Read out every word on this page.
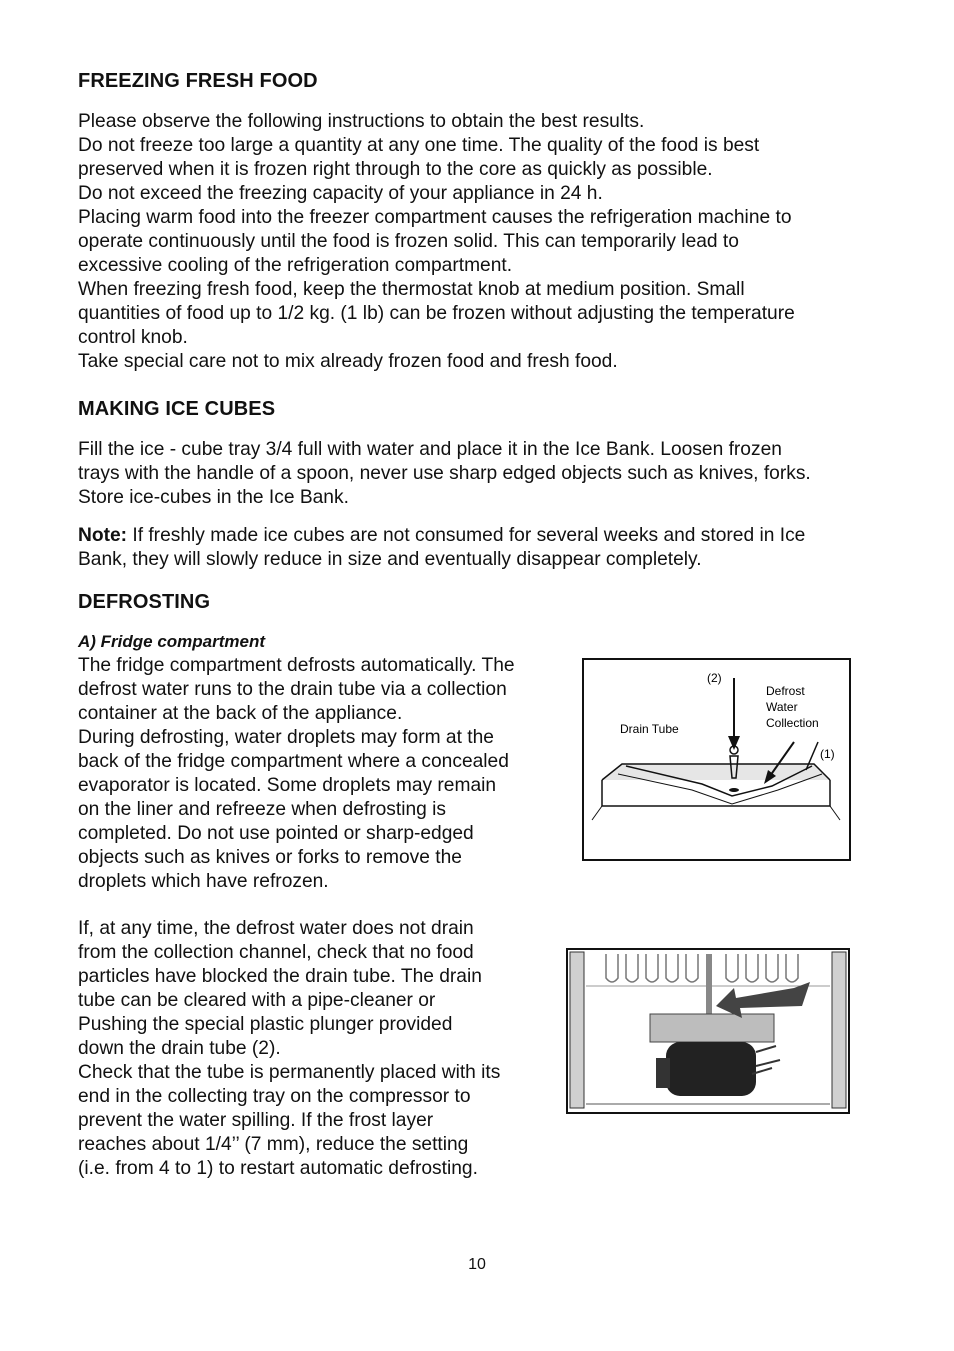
FREEZING FRESH FOOD
Please observe the following instructions to obtain the best results.
Do not freeze too large a quantity at any one time. The quality of the food is best
preserved when it is frozen right through to the core as quickly as possible.
Do not exceed the freezing capacity of your appliance in 24 h.
Placing warm food into the freezer compartment causes the refrigeration machine to
operate continuously until the food is frozen solid. This can temporarily lead to
excessive cooling of the refrigeration compartment.
When freezing fresh food, keep the thermostat knob at medium position. Small
quantities of food up to 1/2 kg. (1 lb) can be frozen without adjusting the temperature
control knob.
Take special care not to mix already frozen food and fresh food.
MAKING ICE CUBES
Fill the ice - cube tray 3/4 full with water and place it in the Ice Bank. Loosen frozen
trays with the handle of a spoon, never use sharp edged objects such as knives, forks.
Store ice-cubes in the Ice Bank.
Note: If freshly made ice cubes are not consumed for several weeks and stored in Ice
Bank, they will slowly reduce in size and eventually disappear completely.
DEFROSTING
A) Fridge compartment
The fridge compartment defrosts automatically. The
defrost water runs to the drain tube via a collection
container at the back of the appliance.
During defrosting, water droplets may form at the
back of the fridge compartment where a concealed
evaporator is located. Some droplets may remain
on the liner and refreeze when defrosting is
completed. Do not use pointed or sharp-edged
objects such as knives or forks to remove the
droplets which have refrozen.
If, at any time, the defrost water does not drain
from the collection channel, check that no food
particles have blocked the drain tube. The drain
tube can be cleared with a pipe-cleaner or
Pushing the special plastic plunger provided
down the drain tube (2).
Check that the tube is permanently placed with its
end in the collecting tray on the compressor to
prevent the water spilling. If the frost layer
reaches about 1/4’’ (7 mm), reduce the setting
(i.e. from 4 to 1) to restart automatic defrosting.
(2)
(1)
Drain Tube
Defrost
Water
Collection
10
